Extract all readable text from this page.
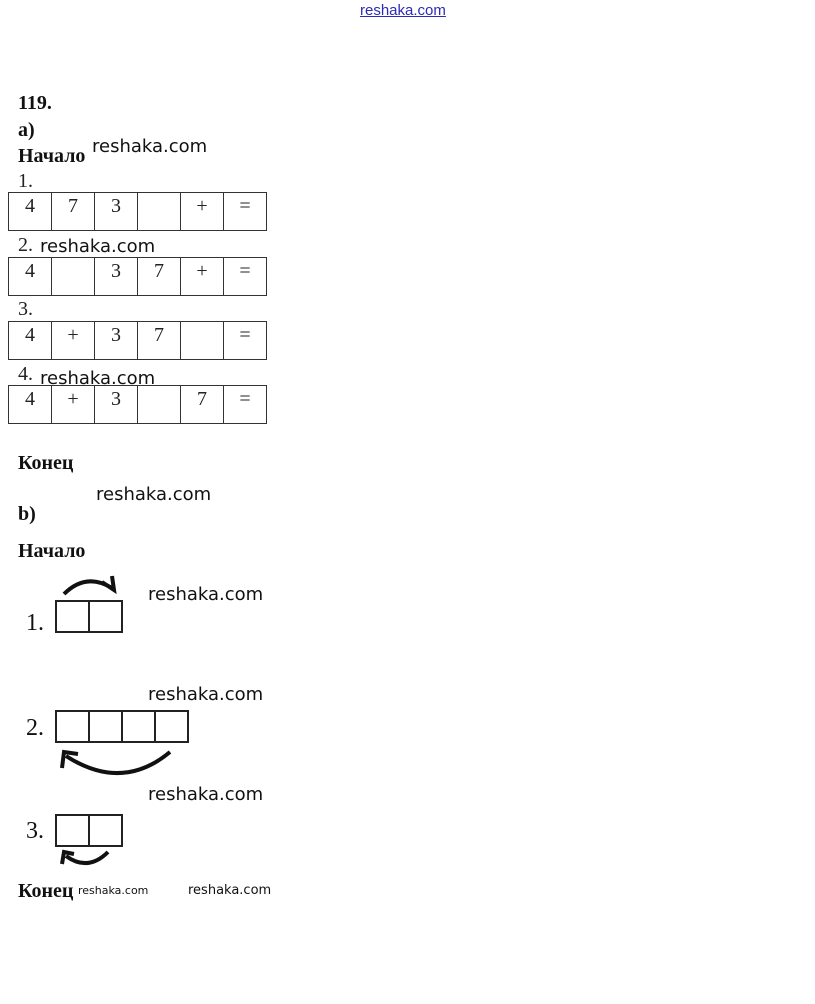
reshaka.com
119.
а)
Начало reshaka.com
1.
4	7	3		+	=
2. reshaka.com
4		3	7	+	=
3.
4	+	3	7		=
4. reshaka.com
4	+	3		7	=
Конец
reshaka.com
b)
Начало
1.
reshaka.com
reshaka.com
2.
reshaka.com
3.
Конец reshaka.com	reshaka.com
